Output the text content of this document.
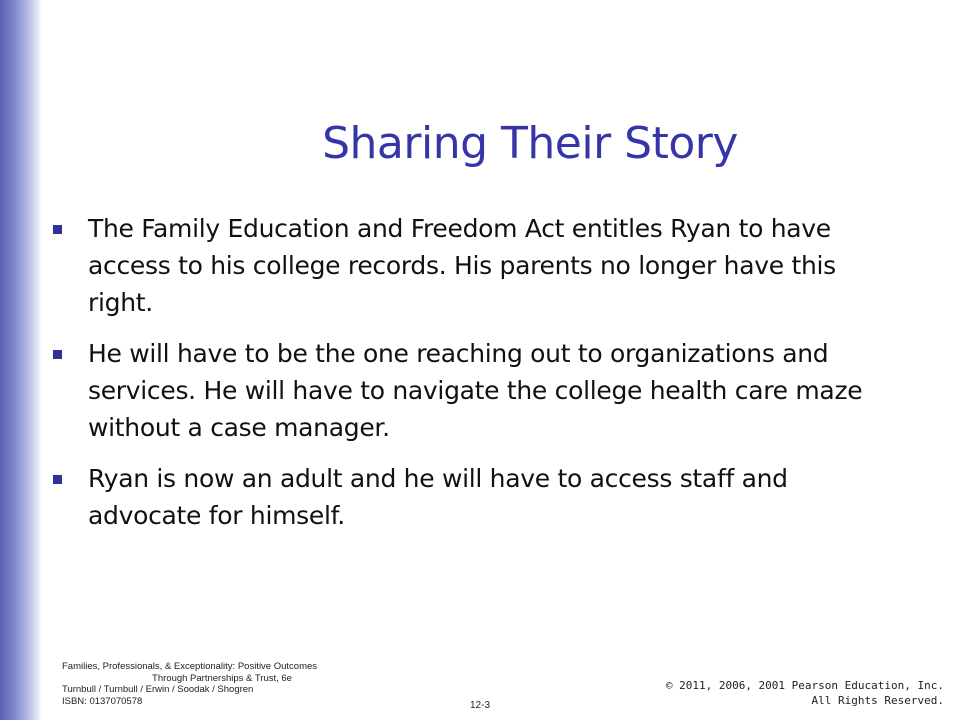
Sharing Their Story
The Family Education and Freedom Act entitles Ryan to have access to his college records. His parents no longer have this right.
He will have to be the one reaching out to organizations and services. He will have to navigate the college health care maze without a case manager.
Ryan is now an adult and he will have to access staff and advocate for himself.
Families, Professionals, & Exceptionality: Positive Outcomes
Through Partnerships & Trust, 6e
Turnbull / Turnbull / Erwin / Soodak / Shogren
ISBN: 0137070578	12-3
© 2011, 2006, 2001 Pearson Education, Inc.
All Rights Reserved.
